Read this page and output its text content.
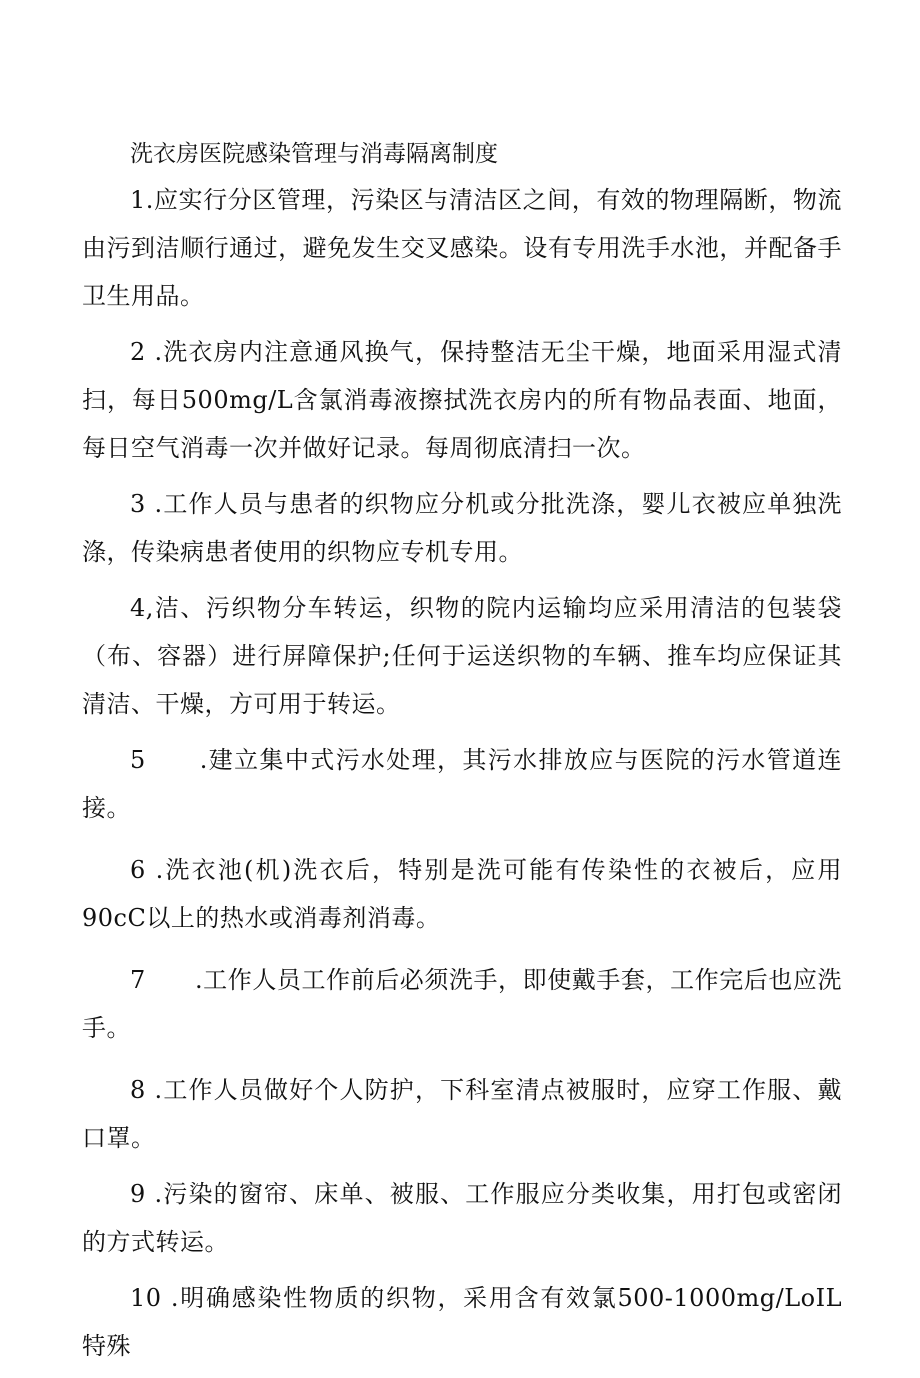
洗衣房医院感染管理与消毒隔离制度

1.应实行分区管理，污染区与清洁区之间，有效的物理隔断，物流由污到洁顺行通过，避免发生交叉感染。设有专用洗手水池，并配备手卫生用品。

2 .洗衣房内注意通风换气，保持整洁无尘干燥，地面采用湿式清扫，每日500mg/L含氯消毒液擦拭洗衣房内的所有物品表面、地面，每日空气消毒一次并做好记录。每周彻底清扫一次。

3 .工作人员与患者的织物应分机或分批洗涤，婴儿衣被应单独洗涤，传染病患者使用的织物应专机专用。

4,洁、污织物分车转运，织物的院内运输均应采用清洁的包装袋（布、容器）进行屏障保护;任何于运送织物的车辆、推车均应保证其清洁、干燥，方可用于转运。

5      .建立集中式污水处理，其污水排放应与医院的污水管道连接。

6 .洗衣池(机)洗衣后，特别是洗可能有传染性的衣被后，应用90cC以上的热水或消毒剂消毒。

7      .工作人员工作前后必须洗手，即使戴手套，工作完后也应洗手。

8 .工作人员做好个人防护，下科室清点被服时，应穿工作服、戴口罩。

9 .污染的窗帘、床单、被服、工作服应分类收集，用打包或密闭的方式转运。

10 .明确感染性物质的织物，采用含有效氯500-1000mg/LoIL特殊
